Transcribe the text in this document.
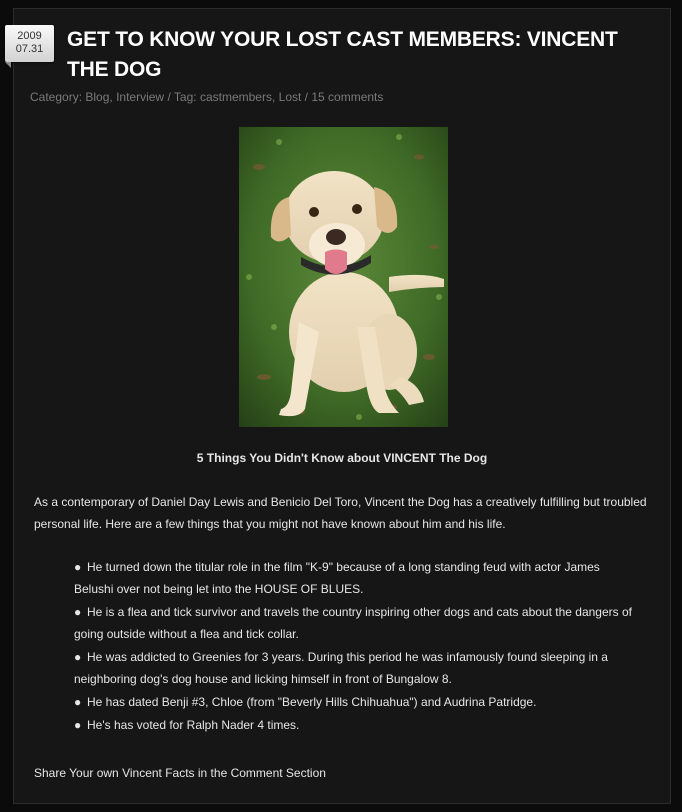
2009
07.31	GET TO KNOW YOUR LOST CAST MEMBERS: VINCENT THE DOG
Category: Blog, Interview / Tag: castmembers, Lost / 15 comments
5 Things You Didn't Know about VINCENT The Dog

As a contemporary of Daniel Day Lewis and Benicio Del Toro, Vincent the Dog has a creatively fulfilling but troubled personal life. Here are a few things that you might not have known about him and his life.

● He turned down the titular role in the film "K-9" because of a long standing feud with actor James Belushi over not being let into the HOUSE OF BLUES.
● He is a flea and tick survivor and travels the country inspiring other dogs and cats about the dangers of going outside without a flea and tick collar.
● He was addicted to Greenies for 3 years. During this period he was infamously found sleeping in a neighboring dog's dog house and licking himself in front of Bungalow 8.
● He has dated Benji #3, Chloe (from "Beverly Hills Chihuahua") and Audrina Patridge.
● He's has voted for Ralph Nader 4 times.
Share Your own Vincent Facts in the Comment Section
